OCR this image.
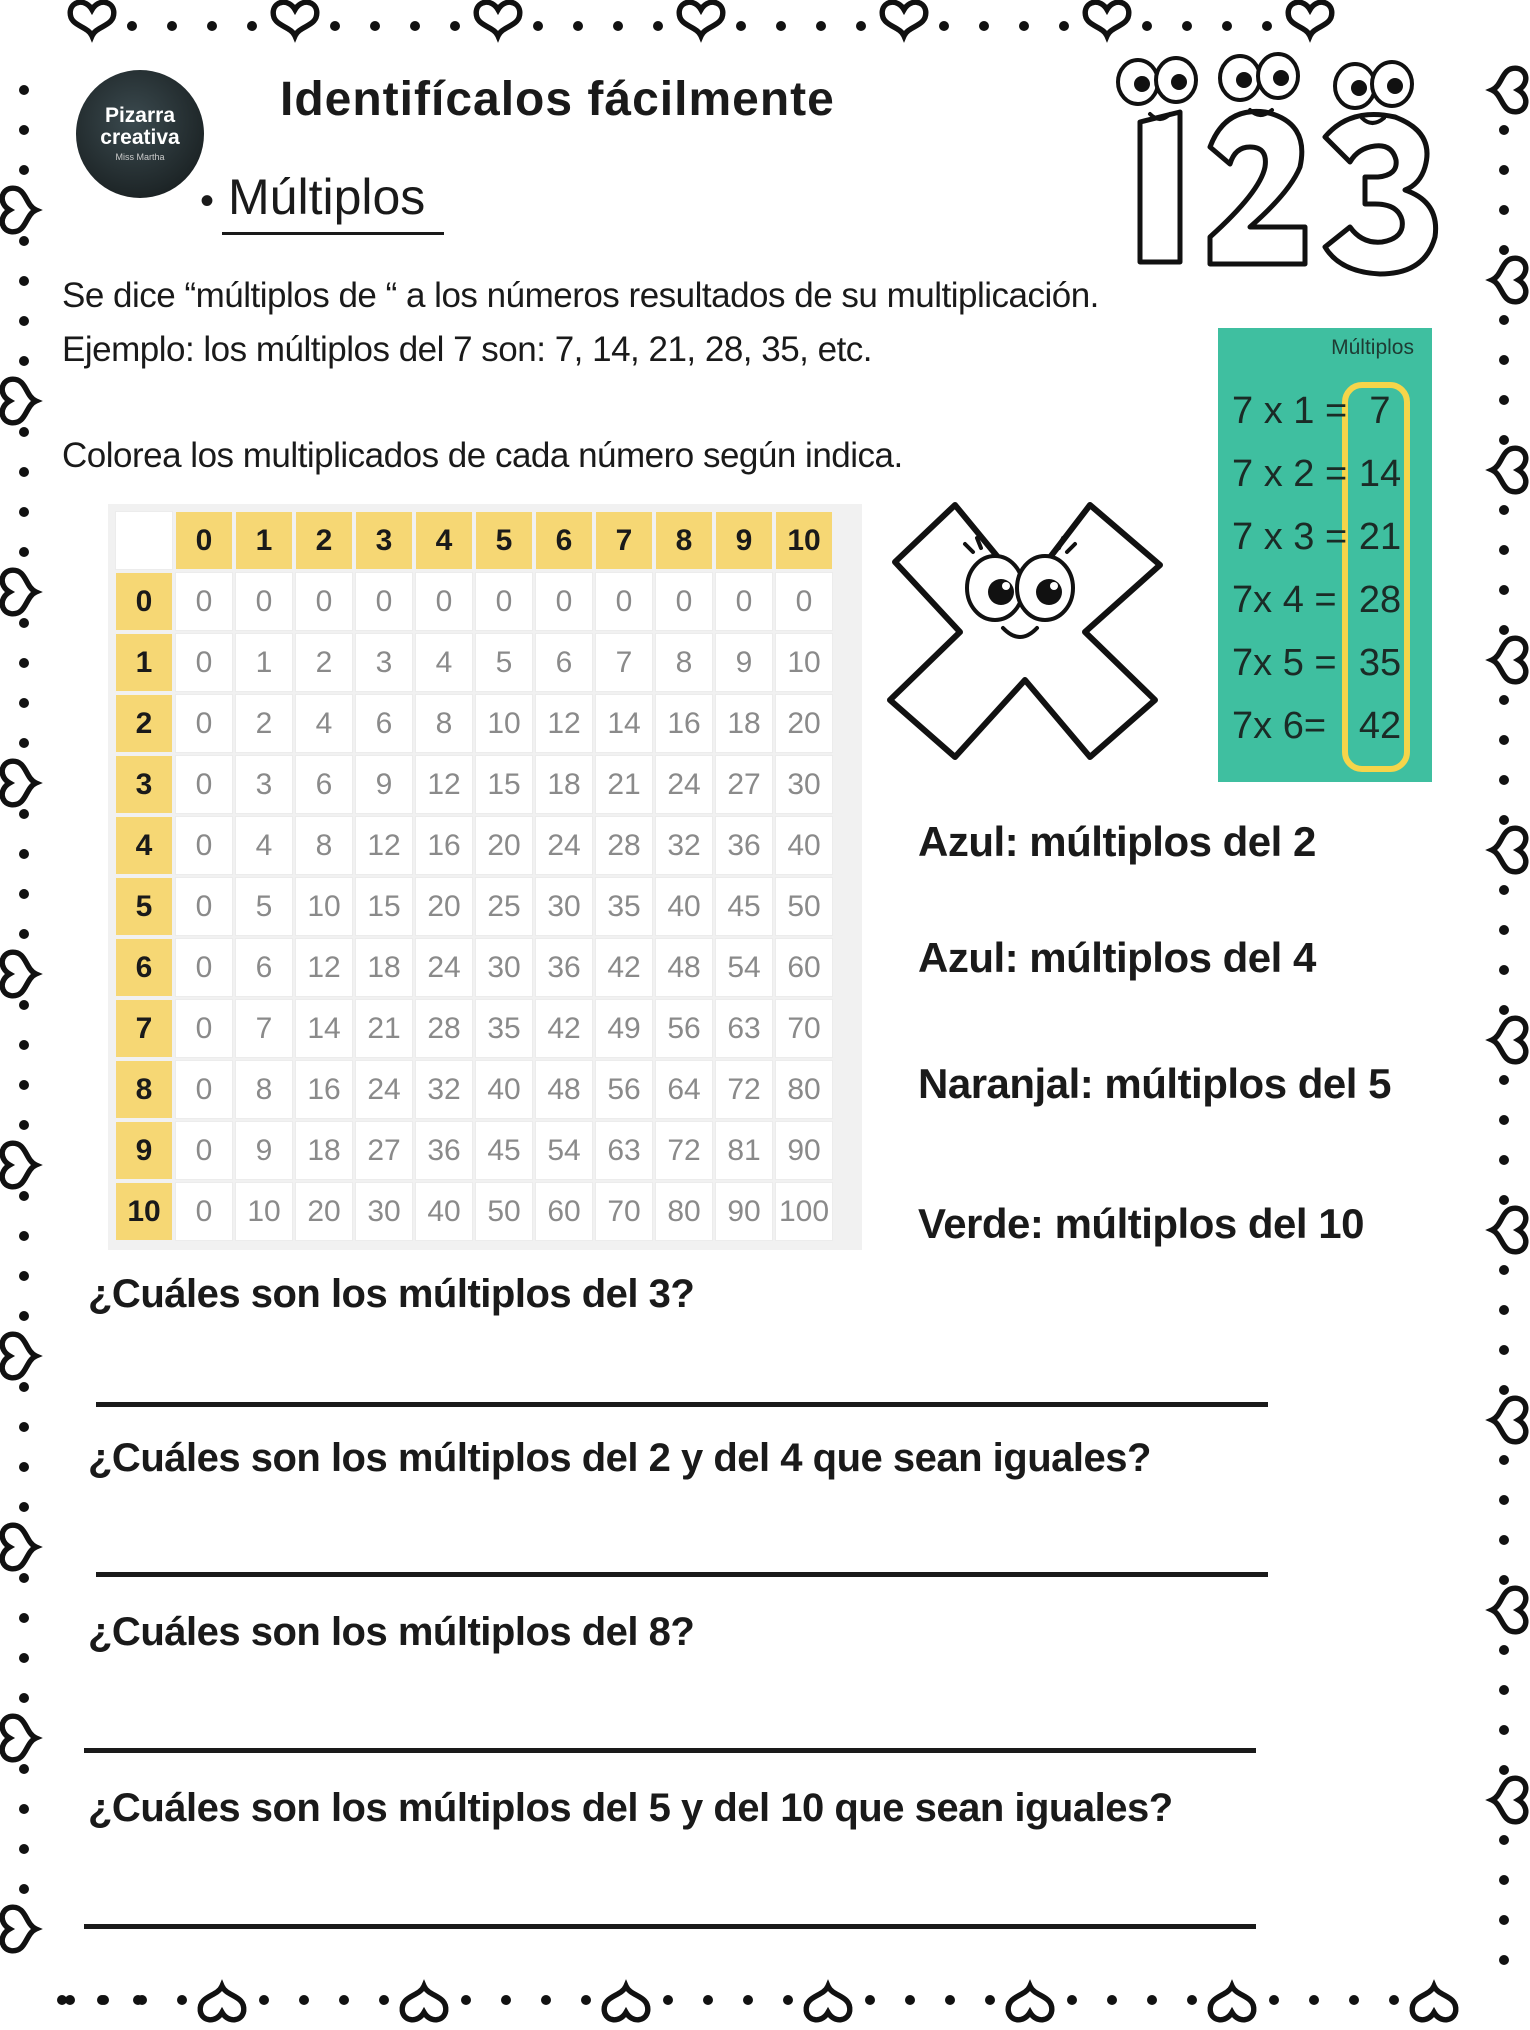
Pizarra
creativa
Miss Martha
Identifícalos fácilmente
• Múltiplos
Se dice “múltiplos de “ a los números resultados de su multiplicación.
Ejemplo: los múltiplos del 7 son: 7, 14, 21, 28, 35, etc.
Colorea los multiplicados de cada número según indica.
Múltiplos
7 x 1 = 7
7 x 2 = 14
7 x 3 = 21
7x 4 = 28
7x 5 = 35
7x 6= 42
	0	1	2	3	4	5	6	7	8	9	10
0	0	0	0	0	0	0	0	0	0	0	0
1	0	1	2	3	4	5	6	7	8	9	10
2	0	2	4	6	8	10	12	14	16	18	20
3	0	3	6	9	12	15	18	21	24	27	30
4	0	4	8	12	16	20	24	28	32	36	40
5	0	5	10	15	20	25	30	35	40	45	50
6	0	6	12	18	24	30	36	42	48	54	60
7	0	7	14	21	28	35	42	49	56	63	70
8	0	8	16	24	32	40	48	56	64	72	80
9	0	9	18	27	36	45	54	63	72	81	90
10	0	10	20	30	40	50	60	70	80	90	100
Azul: múltiplos del 2
Azul: múltiplos del 4
Naranjal: múltiplos del 5
Verde: múltiplos del 10
¿Cuáles son los múltiplos del 3?
¿Cuáles son los múltiplos del 2 y del 4 que sean iguales?
¿Cuáles son los múltiplos del 8?
¿Cuáles son los múltiplos del 5 y del 10 que sean iguales?
